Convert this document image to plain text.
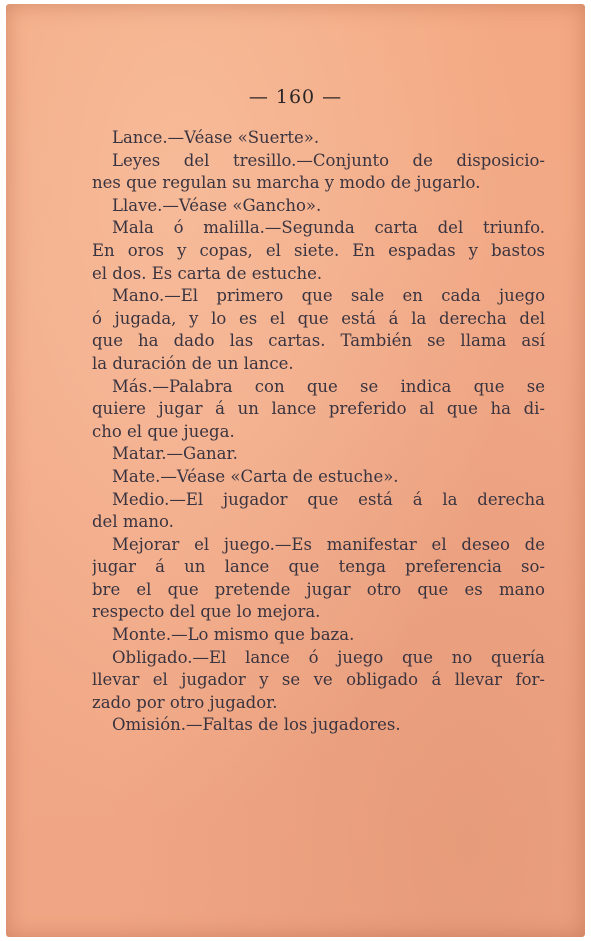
— 160 —
Lance.—Véase «Suerte».
Leyes del tresillo.—Conjunto de disposicio-
nes que regulan su marcha y modo de jugarlo.
Llave.—Véase «Gancho».
Mala ó malilla.—Segunda carta del triunfo.
En oros y copas, el siete. En espadas y bastos
el dos. Es carta de estuche.
Mano.—El primero que sale en cada juego
ó jugada, y lo es el que está á la derecha del
que ha dado las cartas. También se llama así
la duración de un lance.
Más.—Palabra con que se indica que se
quiere jugar á un lance preferido al que ha di-
cho el que juega.
Matar.—Ganar.
Mate.—Véase «Carta de estuche».
Medio.—El jugador que está á la derecha
del mano.
Mejorar el juego.—Es manifestar el deseo de
jugar á un lance que tenga preferencia so-
bre el que pretende jugar otro que es mano
respecto del que lo mejora.
Monte.—Lo mismo que baza.
Obligado.—El lance ó juego que no quería
llevar el jugador y se ve obligado á llevar for-
zado por otro jugador.
Omisión.—Faltas de los jugadores.
